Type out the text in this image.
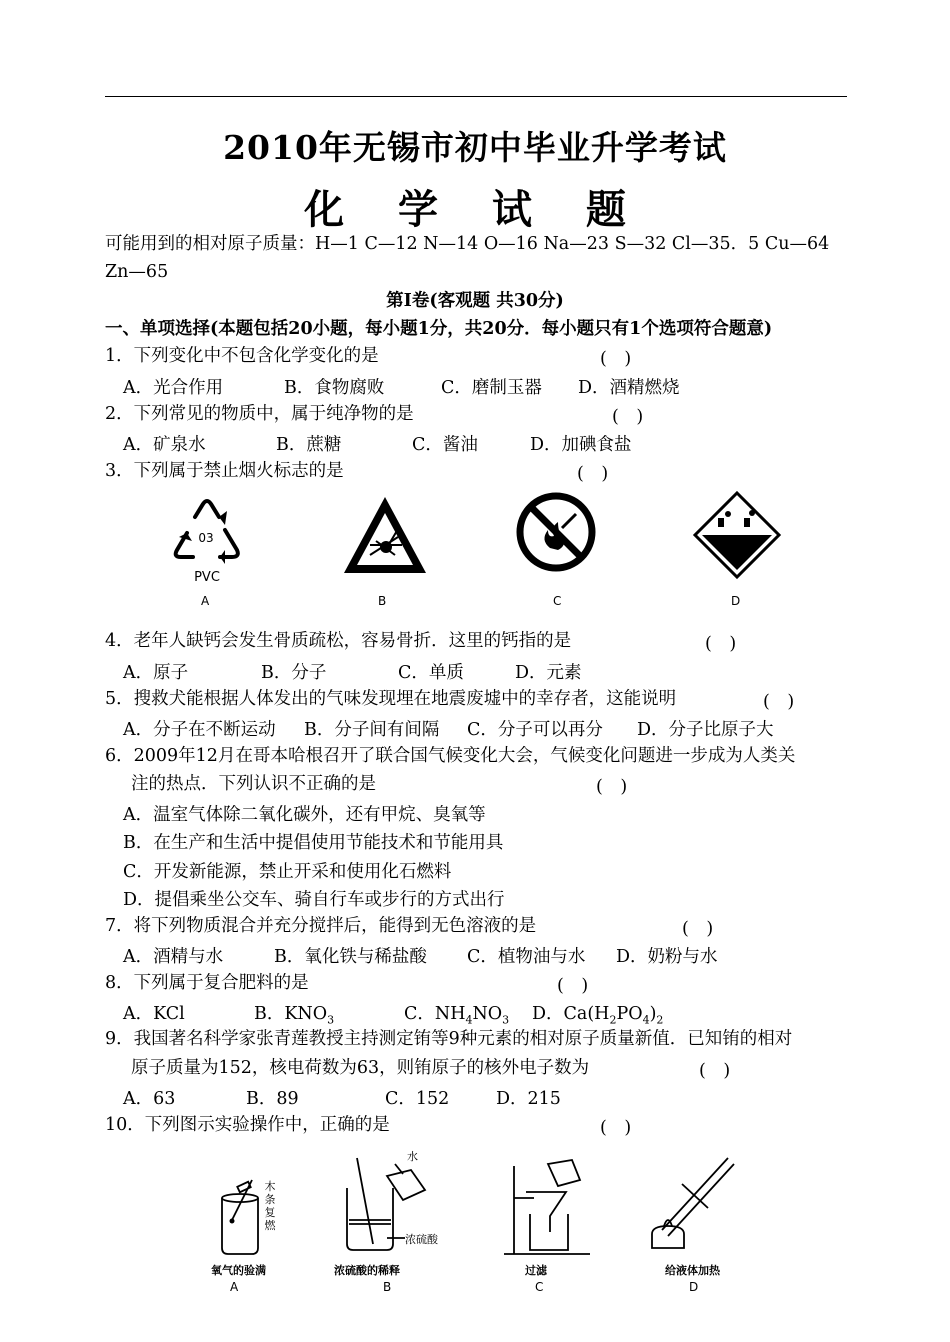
2010年无锡市初中毕业升学考试
化 学 试 题
可能用到的相对原子质量：H—1 C—12 N—14 O—16 Na—23 S—32 Cl—35．5 Cu—64
Zn—65
第Ⅰ卷(客观题 共30分)
一、单项选择(本题包括20小题，每小题1分，共20分．每小题只有1个选项符合题意)
1．下列变化中不包含化学变化的是	(　)
A．光合作用	B．食物腐败	C．磨制玉器 D．酒精燃烧
2．下列常见的物质中，属于纯净物的是	(　)
A．矿泉水	B．蔗糖	C．酱油	D．加碘食盐
3．下列属于禁止烟火标志的是	(　)
03
PVC
A	B	C	D
4．老年人缺钙会发生骨质疏松，容易骨折．这里的钙指的是	(　)
A．原子	B．分子	C．单质	D．元素
5．搜救犬能根据人体发出的气味发现埋在地震废墟中的幸存者，这能说明	(　)
A．分子在不断运动 B．分子间有间隔 C．分子可以再分 D．分子比原子大
6．2009年12月在哥本哈根召开了联合国气候变化大会，气候变化问题进一步成为人类关
注的热点．下列认识不正确的是	(　)
A．温室气体除二氧化碳外，还有甲烷、臭氧等
B．在生产和生活中提倡使用节能技术和节能用具
C．开发新能源，禁止开采和使用化石燃料
D．提倡乘坐公交车、骑自行车或步行的方式出行
7．将下列物质混合并充分搅拌后，能得到无色溶液的是	(　)
A．酒精与水	B．氧化铁与稀盐酸 C．植物油与水 D．奶粉与水
8．下列属于复合肥料的是	(　)
A．KCl	B．$KNO_3$	C．$NH_4NO_3$ D．$Ca(H_2PO_4)_2$
9．我国著名科学家张青莲教授主持测定铕等9种元素的相对原子质量新值．已知铕的相对
原子质量为152，核电荷数为63，则铕原子的核外电子数为	(　)
A．63	B．89	C．152	D．215
10．下列图示实验操作中，正确的是	(　)
木
条
复
燃
氧气的验满
A
水
浓硫酸
浓硫酸的稀释
B
过滤
C
给液体加热
D
